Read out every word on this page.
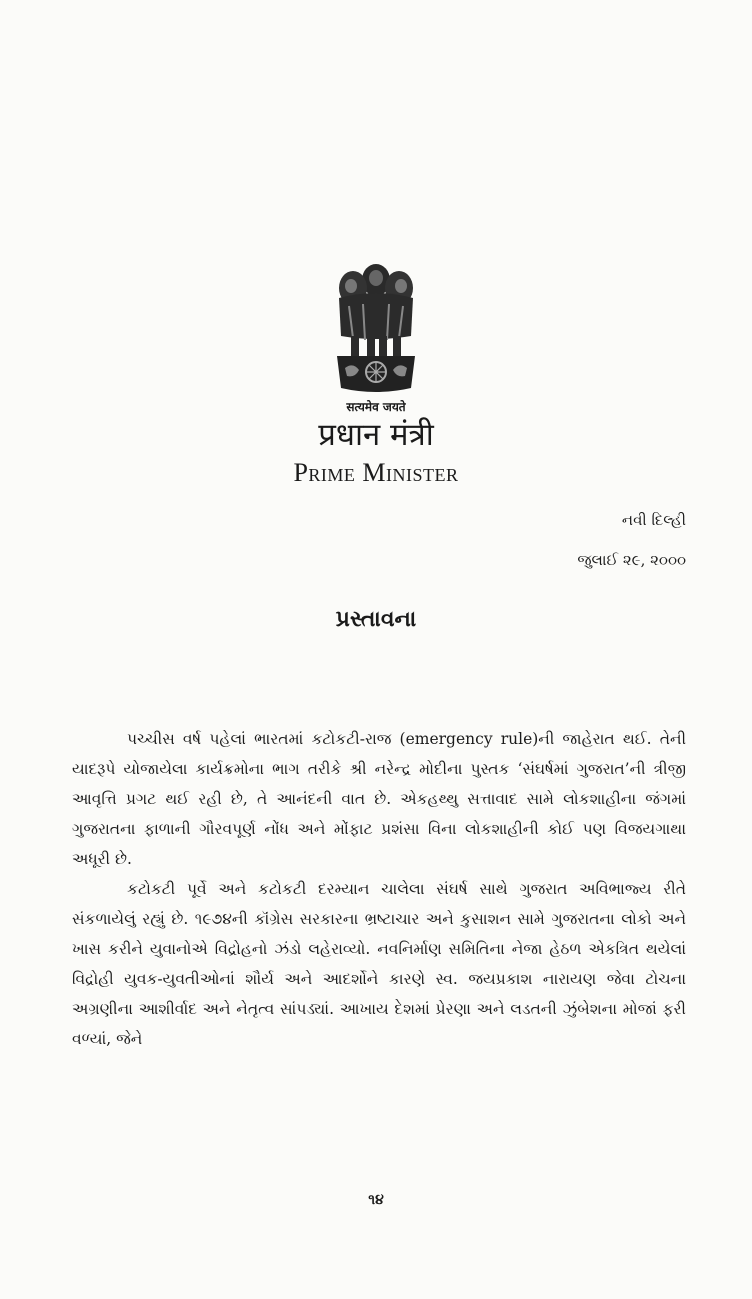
सत्यमेव जयते
प्रधान मंत्री
Prime Minister
નવી દિલ્હી
જુલાઈ ૨૯, ૨૦૦૦
પ્રસ્તાવના

પચ્ચીસ વર્ષ પહેલાં ભારતમાં કટોકટી-રાજ (emergency rule)ની જાહેરાત થઈ. તેની યાદરૂપે યોજાયેલા કાર્યક્રમોના ભાગ તરીકે શ્રી નરેન્દ્ર મોદીના પુસ્તક ‘સંઘર્ષમાં ગુજરાત’ની ત્રીજી આવૃત્તિ પ્રગટ થઈ રહી છે, તે આનંદની વાત છે. એકહથ્થુ સત્તાવાદ સામે લોકશાહીના જંગમાં ગુજરાતના ફાળાની ગૌરવપૂર્ણ નોંધ અને મોંફાટ પ્રશંસા વિના લોકશાહીની કોઈ પણ વિજયગાથા અધૂરી છે.

કટોકટી પૂર્વે અને કટોકટી દરમ્યાન ચાલેલા સંઘર્ષ સાથે ગુજરાત અવિભાજ્ય રીતે સંકળાયેલું રહ્યું છે. ૧૯૭૪ની કૉંગ્રેસ સરકારના ભ્રષ્ટાચાર અને કુસાશન સામે ગુજરાતના લોકો અને ખાસ કરીને યુવાનોએ વિદ્રોહનો ઝંડો લહેરાવ્યો. નવનિર્માણ સમિતિના નેજા હેઠળ એકત્રિત થયેલાં વિદ્રોહી યુવક-યુવતીઓનાં શૌર્ય અને આદર્શોને કારણે સ્વ. જયપ્રકાશ નારાયણ જેવા ટોચના અગ્રણીના આશીર્વાદ અને નેતૃત્વ સાંપડ્યાં. આખાય દેશમાં પ્રેરણા અને લડતની ઝુંબેશના મોજાં ફરી વળ્યાં, જેને

૧૪
